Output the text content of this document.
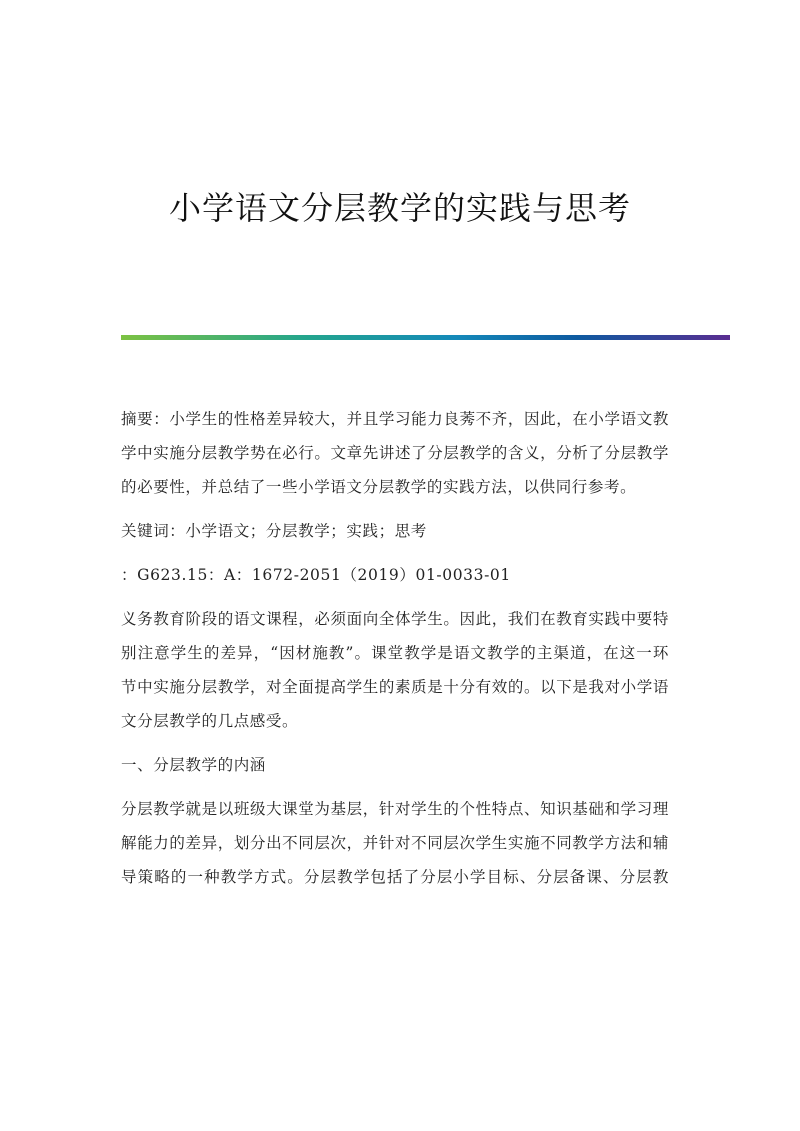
小学语文分层教学的实践与思考
摘要：小学生的性格差异较大，并且学习能力良莠不齐，因此，在小学语文教
学中实施分层教学势在必行。文章先讲述了分层教学的含义，分析了分层教学
的必要性，并总结了一些小学语文分层教学的实践方法，以供同行参考。
关键词：小学语文；分层教学；实践；思考
：G623.15：A：1672-2051（2019）01-0033-01
义务教育阶段的语文课程，必须面向全体学生。因此，我们在教育实践中要特
别注意学生的差异，“因材施教”。课堂教学是语文教学的主渠道，在这一环
节中实施分层教学，对全面提高学生的素质是十分有效的。以下是我对小学语
文分层教学的几点感受。
一、分层教学的内涵
分层教学就是以班级大课堂为基层，针对学生的个性特点、知识基础和学习理
解能力的差异，划分出不同层次，并针对不同层次学生实施不同教学方法和辅
导策略的一种教学方式。分层教学包括了分层小学目标、分层备课、分层教
